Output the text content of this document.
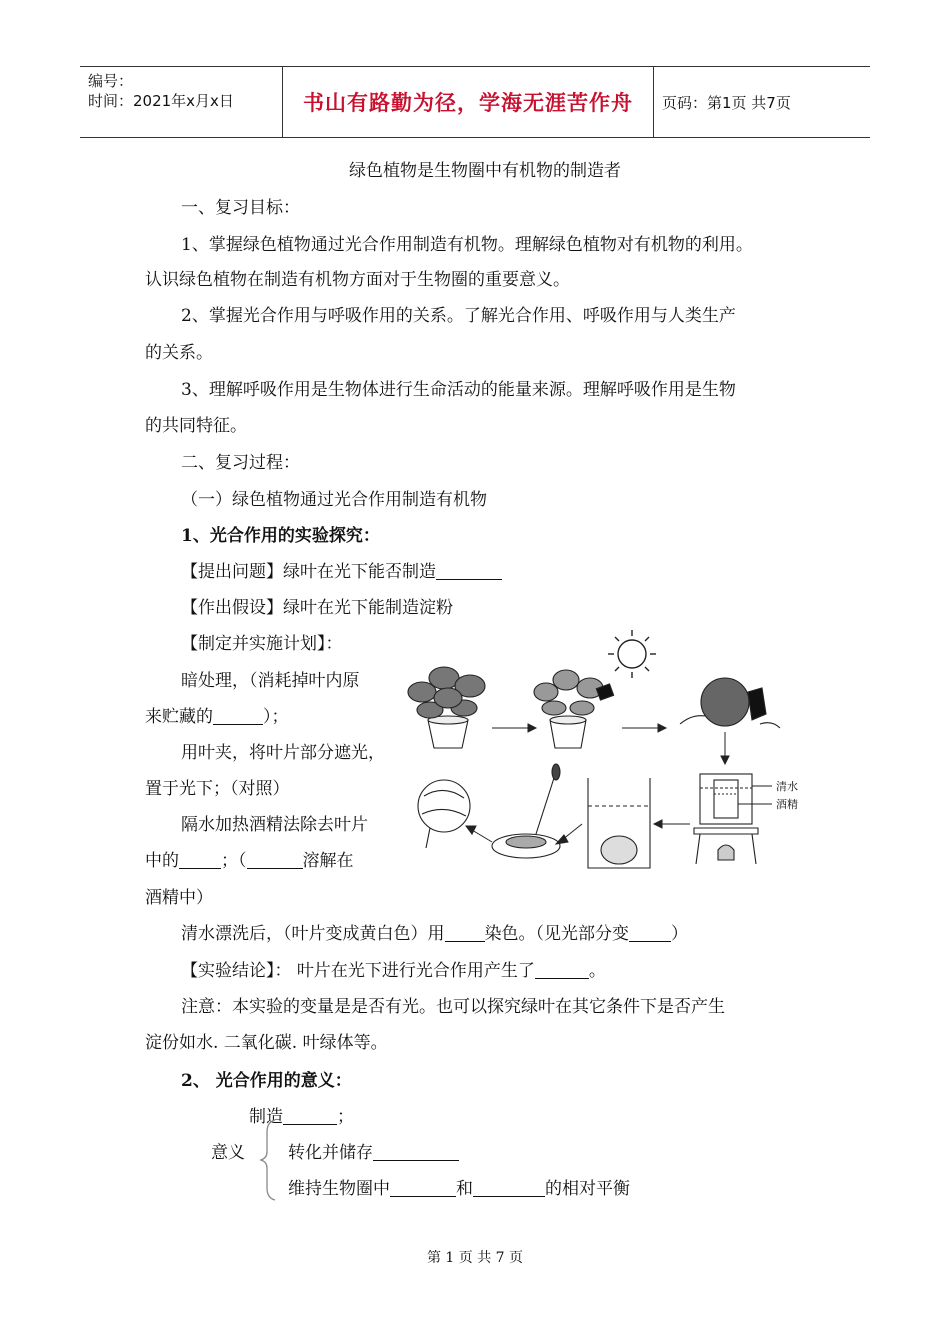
编号：
时间：2021年x月x日	书山有路勤为径，学海无涯苦作舟 页码：第1页 共7页
绿色植物是生物圈中有机物的制造者
一、复习目标：
1、掌握绿色植物通过光合作用制造有机物。理解绿色植物对有机物的利用。
认识绿色植物在制造有机物方面对于生物圈的重要意义。
2、掌握光合作用与呼吸作用的关系。了解光合作用、呼吸作用与人类生产
的关系。
3、理解呼吸作用是生物体进行生命活动的能量来源。理解呼吸作用是生物
的共同特征。
二、复习过程：
（一）绿色植物通过光合作用制造有机物
1、光合作用的实验探究：
【提出问题】绿叶在光下能否制造
【作出假设】绿叶在光下能制造淀粉
【制定并实施计划】：
暗处理，（消耗掉叶内原
来贮藏的	）；
用叶夹，将叶片部分遮光，
置于光下；（对照）
隔水加热酒精法除去叶片
中的 ；（	溶解在
酒精中）
清水漂洗后，（叶片变成黄白色）用 染色。（见光部分变 ）
【实验结论】： 叶片在光下进行光合作用产生了	。
注意：本实验的变量是是否有光。也可以探究绿叶在其它条件下是否产生
淀份如水. 二氧化碳. 叶绿体等。
2、 光合作用的意义：
制造	；
意义	转化并储存
维持生物圈中	和	的相对平衡
清水
酒精
第 1 页 共 7 页
